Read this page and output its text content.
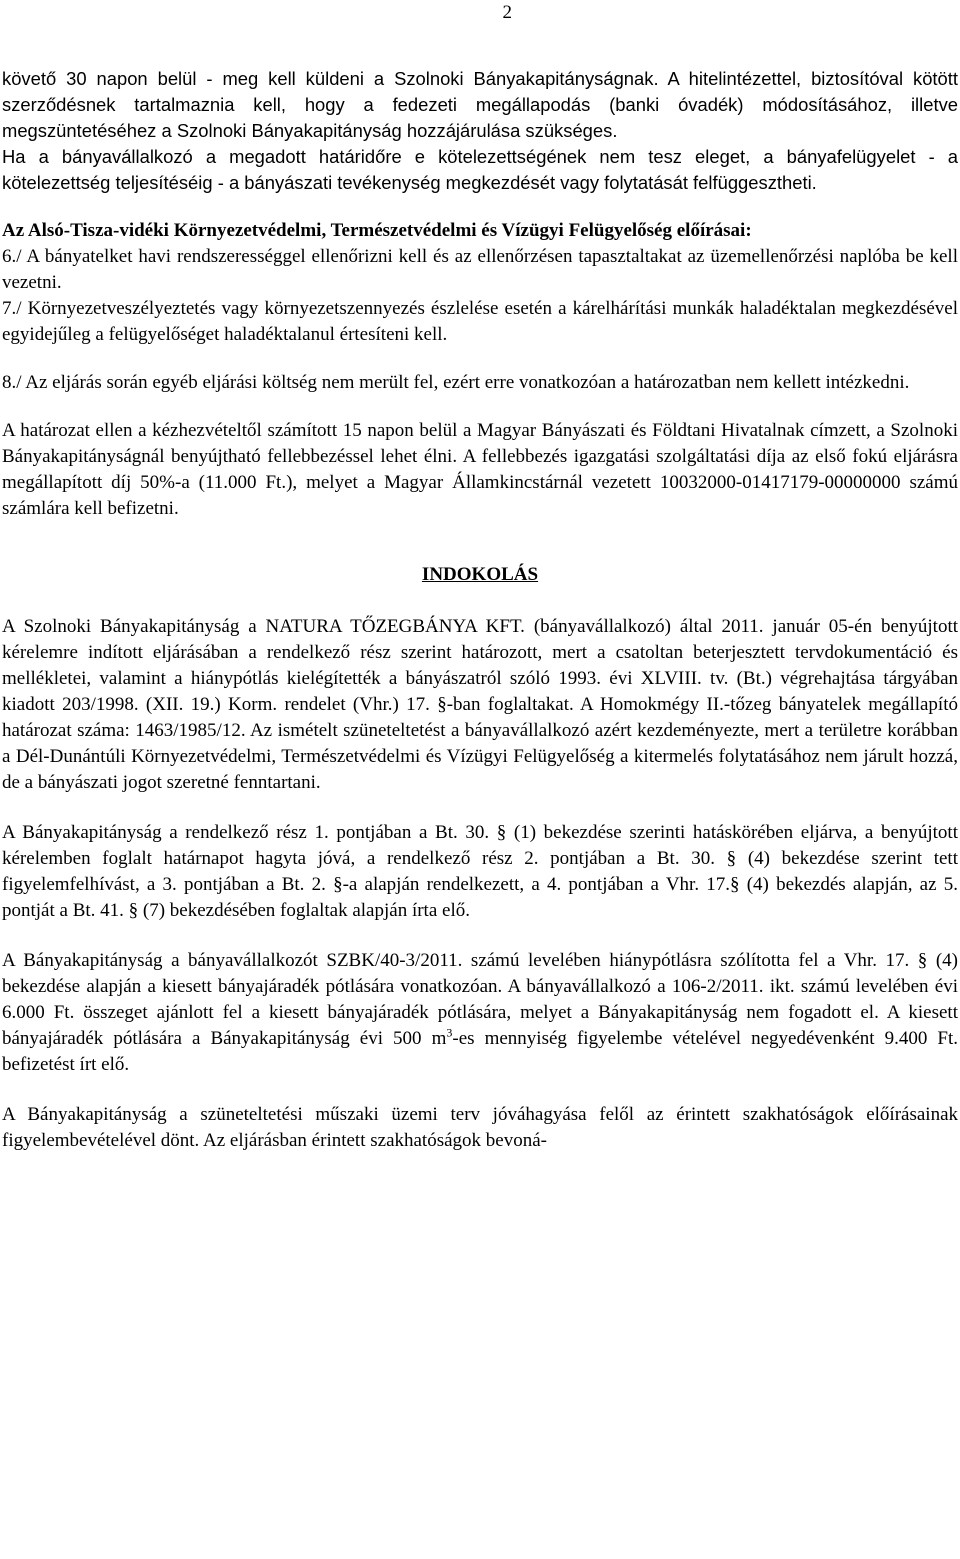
2

követő 30 napon belül - meg kell küldeni a Szolnoki Bányakapitányságnak. A hitelintézettel, biztosítóval kötött szerződésnek tartalmaznia kell, hogy a fedezeti megállapodás (banki óvadék) módosításához, illetve megszüntetéséhez a Szolnoki Bányakapitányság hozzájárulása szükséges.

Ha a bányavállalkozó a megadott határidőre e kötelezettségének nem tesz eleget, a bányafelügyelet - a kötelezettség teljesítéséig - a bányászati tevékenység megkezdését vagy folytatását felfüggesztheti.

Az Alsó-Tisza-vidéki Környezetvédelmi, Természetvédelmi és Vízügyi Felügyelőség előírásai:

6./ A bányatelket havi rendszerességgel ellenőrizni kell és az ellenőrzésen tapasztaltakat az üzemellenőrzési naplóba be kell vezetni.

7./ Környezetveszélyeztetés vagy környezetszennyezés észlelése esetén a kárelhárítási munkák haladéktalan megkezdésével egyidejűleg a felügyelőséget haladéktalanul értesíteni kell.

8./ Az eljárás során egyéb eljárási költség nem merült fel, ezért erre vonatkozóan a határozatban nem kellett intézkedni.

A határozat ellen a kézhezvételtől számított 15 napon belül a Magyar Bányászati és Földtani Hivatalnak címzett, a Szolnoki Bányakapitányságnál benyújtható fellebbezéssel lehet élni. A fellebbezés igazgatási szolgáltatási díja az első fokú eljárásra megállapított díj 50%-a (11.000 Ft.), melyet a Magyar Államkincstárnál vezetett 10032000-01417179-00000000 számú számlára kell befizetni.

INDOKOLÁS

A Szolnoki Bányakapitányság a NATURA TŐZEGBÁNYA KFT. (bányavállalkozó) által 2011. január 05-én benyújtott kérelemre indított eljárásában a rendelkező rész szerint határozott, mert a csatoltan beterjesztett tervdokumentáció és mellékletei, valamint a hiánypótlás kielégítették a bányászatról szóló 1993. évi XLVIII. tv. (Bt.) végrehajtása tárgyában kiadott 203/1998. (XII. 19.) Korm. rendelet (Vhr.) 17. §-ban foglaltakat. A Homokmégy II.-tőzeg bányatelek megállapító határozat száma: 1463/1985/12. Az ismételt szüneteltetést a bányavállalkozó azért kezdeményezte, mert a területre korábban a Dél-Dunántúli Környezetvédelmi, Természetvédelmi és Vízügyi Felügyelőség a kitermelés folytatásához nem járult hozzá, de a bányászati jogot szeretné fenntartani.

A Bányakapitányság a rendelkező rész 1. pontjában a Bt. 30. § (1) bekezdése szerinti hatáskörében eljárva, a benyújtott kérelemben foglalt határnapot hagyta jóvá, a rendelkező rész 2. pontjában a Bt. 30. § (4) bekezdése szerint tett figyelemfelhívást, a 3. pontjában a Bt. 2. §-a alapján rendelkezett, a 4. pontjában a Vhr. 17.§ (4) bekezdés alapján, az 5. pontját a Bt. 41. § (7) bekezdésében foglaltak alapján írta elő.

A Bányakapitányság a bányavállalkozót SZBK/40-3/2011. számú levelében hiánypótlásra szólította fel a Vhr. 17. § (4) bekezdése alapján a kiesett bányajáradék pótlására vonatkozóan. A bányavállalkozó a 106-2/2011. ikt. számú levelében évi 6.000 Ft. összeget ajánlott fel a kiesett bányajáradék pótlására, melyet a Bányakapitányság nem fogadott el. A kiesett bányajáradék pótlására a Bányakapitányság évi 500 $m^3-es$ mennyiség figyelembe vételével negyedévenként 9.400 Ft. befizetést írt elő.

A Bányakapitányság a szüneteltetési műszaki üzemi terv jóváhagyása felől az érintett szakhatóságok előírásainak figyelembevételével dönt. Az eljárásban érintett szakhatóságok bevoná-
